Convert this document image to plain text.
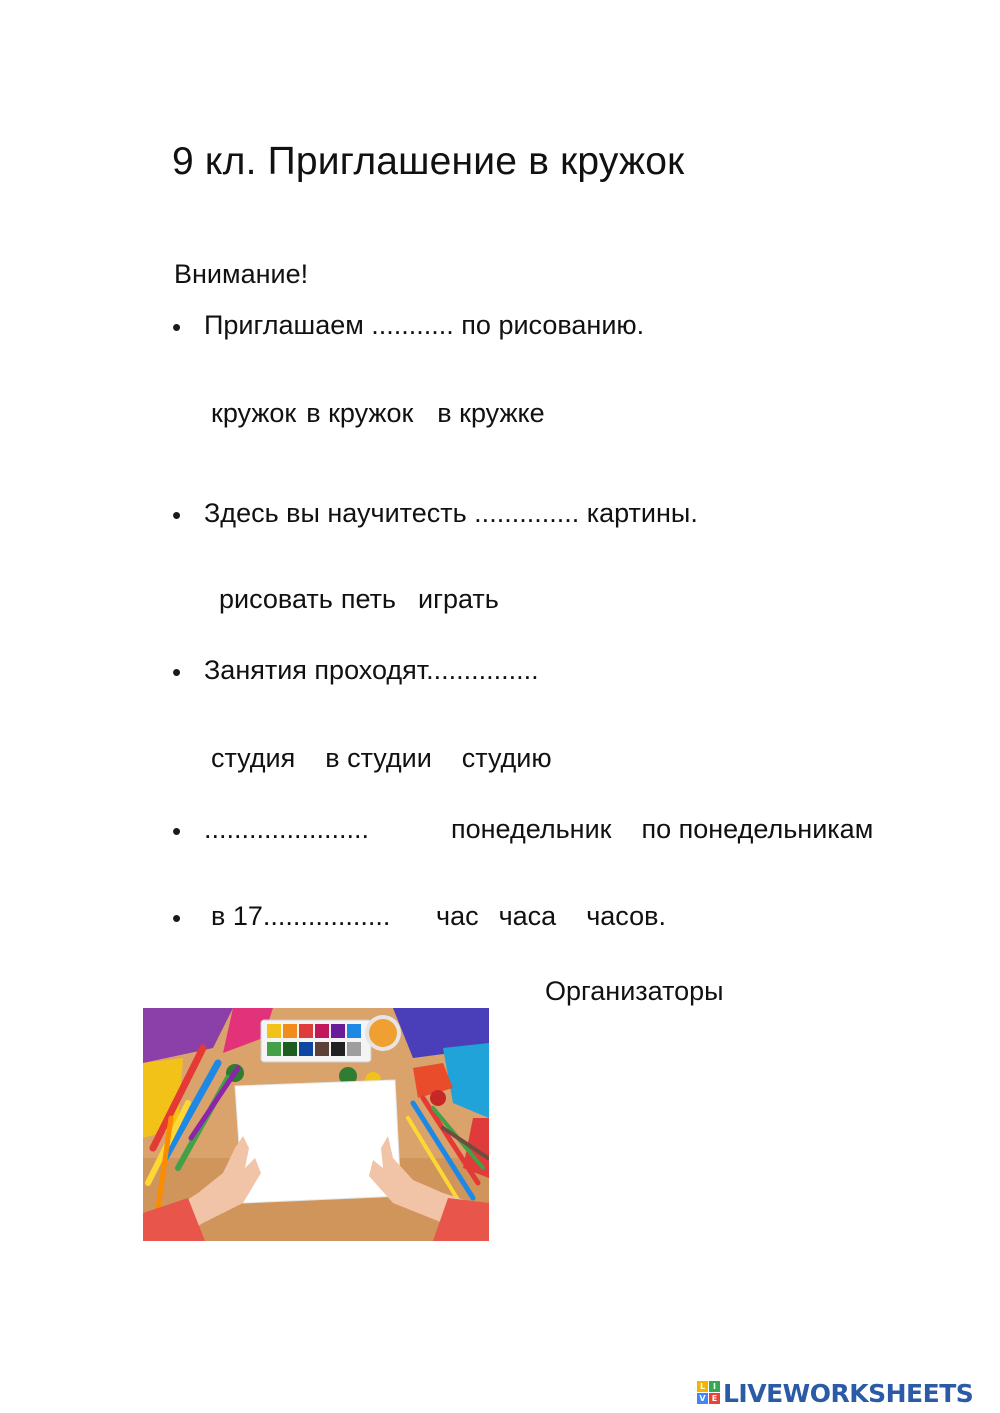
9 кл. Приглашение в кружок
Внимание!
• Приглашаем ........... по рисованию.
кружок в кружок в кружке
• Здесь вы научитесть .............. картины.
рисовать петь играть
• Занятия проходят...............
студия в студии студию
• ......................	понедельник по понедельникам
• в 17................. час часа часов.
Организаторы
L I
V E LIVEWORKSHEETS
